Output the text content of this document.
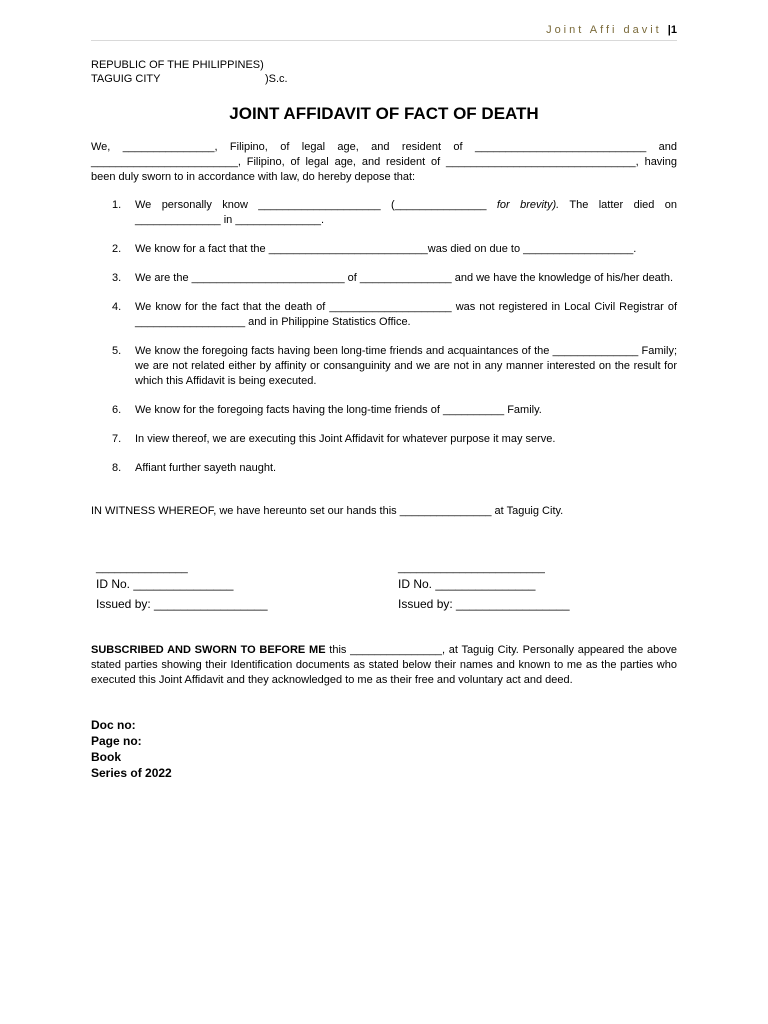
Joint Affi davit |1
REPUBLIC OF THE PHILIPPINES)
TAGUIG CITY	)S.c.
JOINT AFFIDAVIT OF FACT OF DEATH
We, _______________, Filipino, of legal age, and resident of ____________________________ and ________________________, Filipino, of legal age, and resident of _______________________________, having been duly sworn to in accordance with law, do hereby depose that:
1. We personally know ____________________ (_______________ for brevity). The latter died on ______________ in ______________.
2. We know for a fact that the __________________________was died on due to __________________.
3. We are the _________________________ of _______________ and we have the knowledge of his/her death.
4. We know for the fact that the death of ____________________ was not registered in Local Civil Registrar of __________________ and in Philippine Statistics Office.
5. We know the foregoing facts having been long-time friends and acquaintances of the ______________ Family; we are not related either by affinity or consanguinity and we are not in any manner interested on the result for which this Affidavit is being executed.
6. We know for the foregoing facts having the long-time friends of __________ Family.
7. In view thereof, we are executing this Joint Affidavit for whatever purpose it may serve.
8. Affiant further sayeth naught.
IN WITNESS WHEREOF, we have hereunto set our hands this _______________ at Taguig City.
_______________
ID No. _______________
Issued by: _________________
________________________
ID No. _______________
Issued by: _________________
SUBSCRIBED AND SWORN TO BEFORE ME this _______________, at Taguig City. Personally appeared the above stated parties showing their Identification documents as stated below their names and known to me as the parties who executed this Joint Affidavit and they acknowledged to me as their free and voluntary act and deed.
Doc no:
Page no:
Book
Series of 2022
